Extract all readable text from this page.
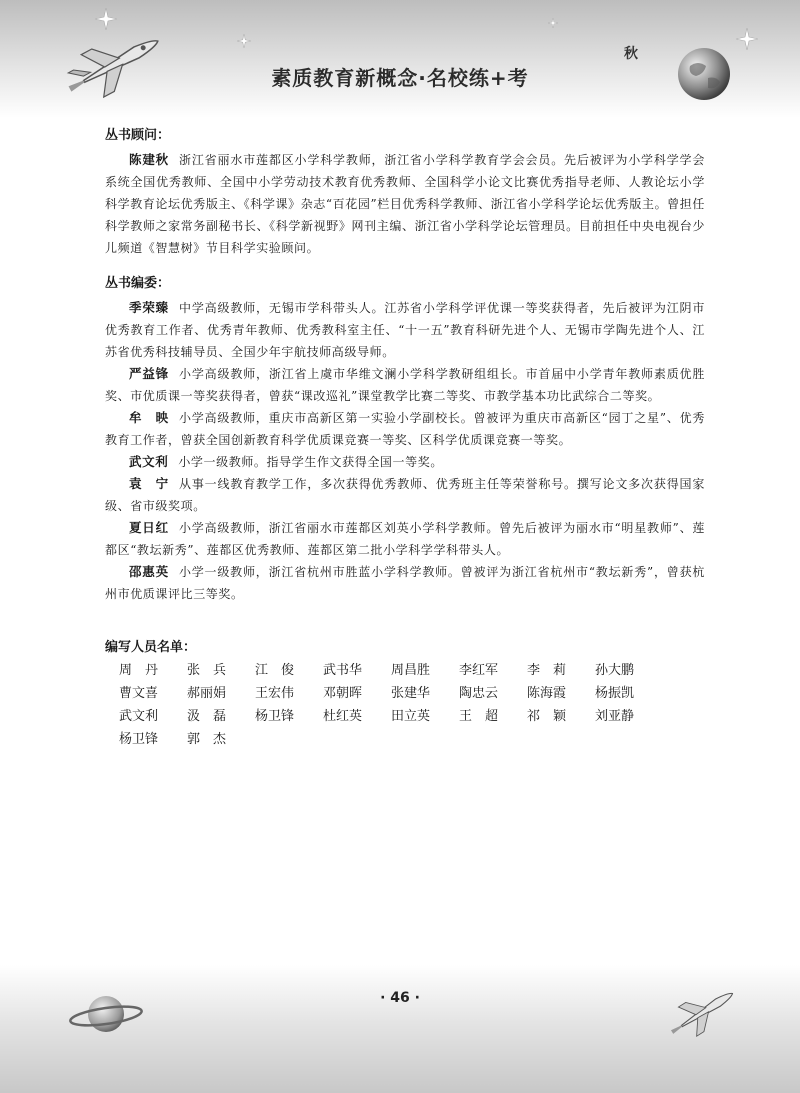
素质教育新概念·名校练+考
秋
丛书顾问：

陈建秋 浙江省丽水市莲都区小学科学教师，浙江省小学科学教育学会会员。先后被评为小学科学学会系统全国优秀教师、全国中小学劳动技术教育优秀教师、全国科学小论文比赛优秀指导老师、人教论坛小学科学教育论坛优秀版主、《科学课》杂志“百花园”栏目优秀科学教师、浙江省小学科学论坛优秀版主。曾担任科学教师之家常务副秘书长、《科学新视野》网刊主编、浙江省小学科学论坛管理员。目前担任中央电视台少儿频道《智慧树》节目科学实验顾问。

丛书编委：

季荣臻 中学高级教师，无锡市学科带头人。江苏省小学科学评优课一等奖获得者，先后被评为江阴市优秀教育工作者、优秀青年教师、优秀教科室主任、“十一五”教育科研先进个人、无锡市学陶先进个人、江苏省优秀科技辅导员、全国少年宇航技师高级导师。

严益锋 小学高级教师，浙江省上虞市华维文澜小学科学教研组组长。市首届中小学青年教师素质优胜奖、市优质课一等奖获得者，曾获“课改巡礼”课堂教学比赛二等奖、市教学基本功比武综合二等奖。

牟　映 小学高级教师，重庆市高新区第一实验小学副校长。曾被评为重庆市高新区“园丁之星”、优秀教育工作者，曾获全国创新教育科学优质课竞赛一等奖、区科学优质课竞赛一等奖。

武文利 小学一级教师。指导学生作文获得全国一等奖。

袁　宁 从事一线教育教学工作，多次获得优秀教师、优秀班主任等荣誉称号。撰写论文多次获得国家级、省市级奖项。

夏日红 小学高级教师，浙江省丽水市莲都区刘英小学科学教师。曾先后被评为丽水市“明星教师”、莲都区“教坛新秀”、莲都区优秀教师、莲都区第二批小学科学学科带头人。

邵惠英 小学一级教师，浙江省杭州市胜蓝小学科学教师。曾被评为浙江省杭州市“教坛新秀”，曾获杭州市优质课评比三等奖。

编写人员名单：
周　丹	张　兵	江　俊	武书华	周昌胜	李红军	李　莉	孙大鹏
曹文喜	郝丽娟	王宏伟	邓朝晖	张建华	陶忠云	陈海霞	杨振凯
武文利	汲　磊	杨卫锋	杜红英	田立英	王　超	祁　颖	刘亚静
杨卫锋	郭　杰
· 46 ·
